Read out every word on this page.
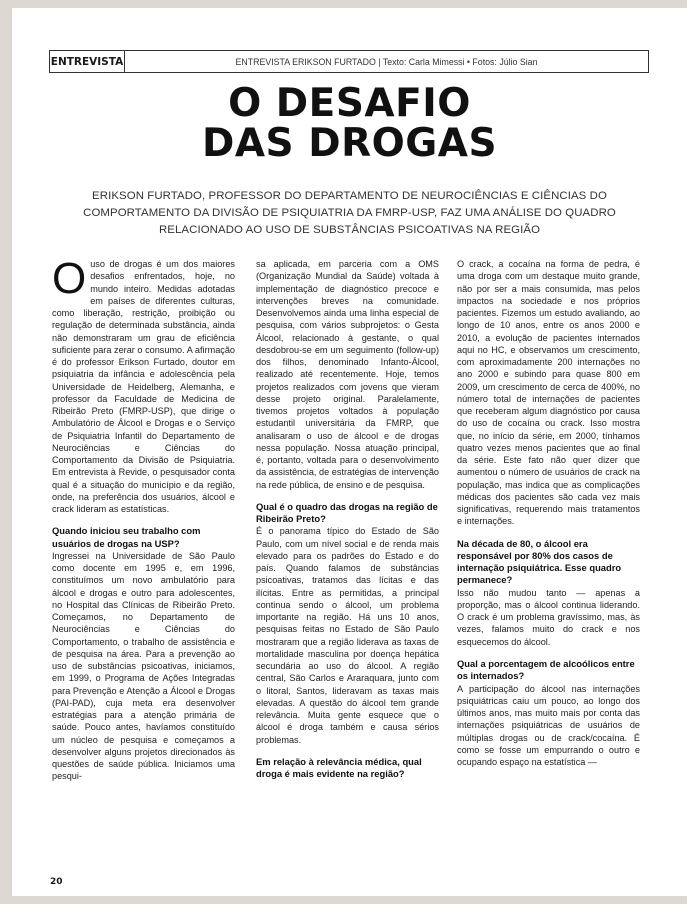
ENTREVISTA	ENTREVISTA ERIKSON FURTADO | Texto: Carla Mimessi • Fotos: Júlio Sian
O DESAFIO
DAS DROGAS
ERIKSON FURTADO, PROFESSOR DO DEPARTAMENTO DE NEUROCIÊNCIAS E CIÊNCIAS DO COMPORTAMENTO DA DIVISÃO DE PSIQUIATRIA DA FMRP-USP, FAZ UMA ANÁLISE DO QUADRO RELACIONADO AO USO DE SUBSTÂNCIAS PSICOATIVAS NA REGIÃO

Ouso de drogas é um dos maiores desafios enfrentados, hoje, no mundo inteiro. Medidas adotadas em países de diferentes culturas, como liberação, restrição, proibição ou regulação de determinada substância, ainda não demonstraram um grau de eficiência suficiente para zerar o consumo. A afirmação é do professor Erikson Furtado, doutor em psiquiatria da infância e adolescência pela Universidade de Heidelberg, Alemanha, e professor da Faculdade de Medicina de Ribeirão Preto (FMRP-USP), que dirige o Ambulatório de Álcool e Drogas e o Serviço de Psiquiatria Infantil do Departamento de Neurociências e Ciências do Comportamento da Divisão de Psiquiatria. Em entrevista à Revide, o pesquisador conta qual é a situação do município e da região, onde, na preferência dos usuários, álcool e crack lideram as estatísticas.

Quando iniciou seu trabalho com usuários de drogas na USP?

Ingressei na Universidade de São Paulo como docente em 1995 e, em 1996, constituímos um novo ambulatório para álcool e drogas e outro para adolescentes, no Hospital das Clínicas de Ribeirão Preto. Começamos, no Departamento de Neurociências e Ciências do Comportamento, o trabalho de assistência e de pesquisa na área. Para a prevenção ao uso de substâncias psicoativas, iniciamos, em 1999, o Programa de Ações Integradas para Prevenção e Atenção a Álcool e Drogas (PAI-PAD), cuja meta era desenvolver estratégias para a atenção primária de saúde. Pouco antes, havíamos constituído um núcleo de pesquisa e começamos a desenvolver alguns projetos direcionados às questões de saúde pública. Iniciamos uma pesqui-

sa aplicada, em parceria com a OMS (Organização Mundial da Saúde) voltada à implementação de diagnóstico precoce e intervenções breves na comunidade. Desenvolvemos ainda uma linha especial de pesquisa, com vários subprojetos: o Gesta Álcool, relacionado à gestante, o qual desdobrou-se em um seguimento (follow-up) dos filhos, denominado Infanto-Álcool, realizado até recentemente. Hoje, temos projetos realizados com jovens que vieram desse projeto original. Paralelamente, tivemos projetos voltados à população estudantil universitária da FMRP, que analisaram o uso de álcool e de drogas nessa população. Nossa atuação principal, é, portanto, voltada para o desenvolvimento da assistência, de estratégias de intervenção na rede pública, de ensino e de pesquisa.

Qual é o quadro das drogas na região de Ribeirão Preto?

É o panorama típico do Estado de São Paulo, com um nível social e de renda mais elevado para os padrões do Estado e do país. Quando falamos de substâncias psicoativas, tratamos das lícitas e das ilícitas. Entre as permitidas, a principal continua sendo o álcool, um problema importante na região. Há uns 10 anos, pesquisas feitas no Estado de São Paulo mostraram que a região liderava as taxas de mortalidade masculina por doença hepática secundária ao uso do álcool. A região central, São Carlos e Araraquara, junto com o litoral, Santos, lideravam as taxas mais elevadas. A questão do álcool tem grande relevância. Muita gente esquece que o álcool é droga também e causa sérios problemas.

Em relação à relevância médica, qual droga é mais evidente na região?

O crack, a cocaína na forma de pedra, é uma droga com um destaque muito grande, não por ser a mais consumida, mas pelos impactos na sociedade e nos próprios pacientes. Fizemos um estudo avaliando, ao longo de 10 anos, entre os anos 2000 e 2010, a evolução de pacientes internados aqui no HC, e observamos um crescimento, com aproximadamente 200 internações no ano 2000 e subindo para quase 800 em 2009, um crescimento de cerca de 400%, no número total de internações de pacientes que receberam algum diagnóstico por causa do uso de cocaína ou crack. Isso mostra que, no início da série, em 2000, tínhamos quatro vezes menos pacientes que ao final da série. Este fato não quer dizer que aumentou o número de usuários de crack na população, mas indica que as complicações médicas dos pacientes são cada vez mais significativas, requerendo mais tratamentos e internações.

Na década de 80, o álcool era responsável por 80% dos casos de internação psiquiátrica. Esse quadro permanece?

Isso não mudou tanto — apenas a proporção, mas o álcool continua liderando. O crack é um problema gravíssimo, mas, às vezes, falamos muito do crack e nos esquecemos do álcool.

Qual a porcentagem de alcoólicos entre os internados?

A participação do álcool nas internações psiquiátricas caiu um pouco, ao longo dos últimos anos, mas muito mais por conta das internações psiquiátricas de usuários de múltiplas drogas ou de crack/cocaína. É como se fosse um empurrando o outro e ocupando espaço na estatística —

20
